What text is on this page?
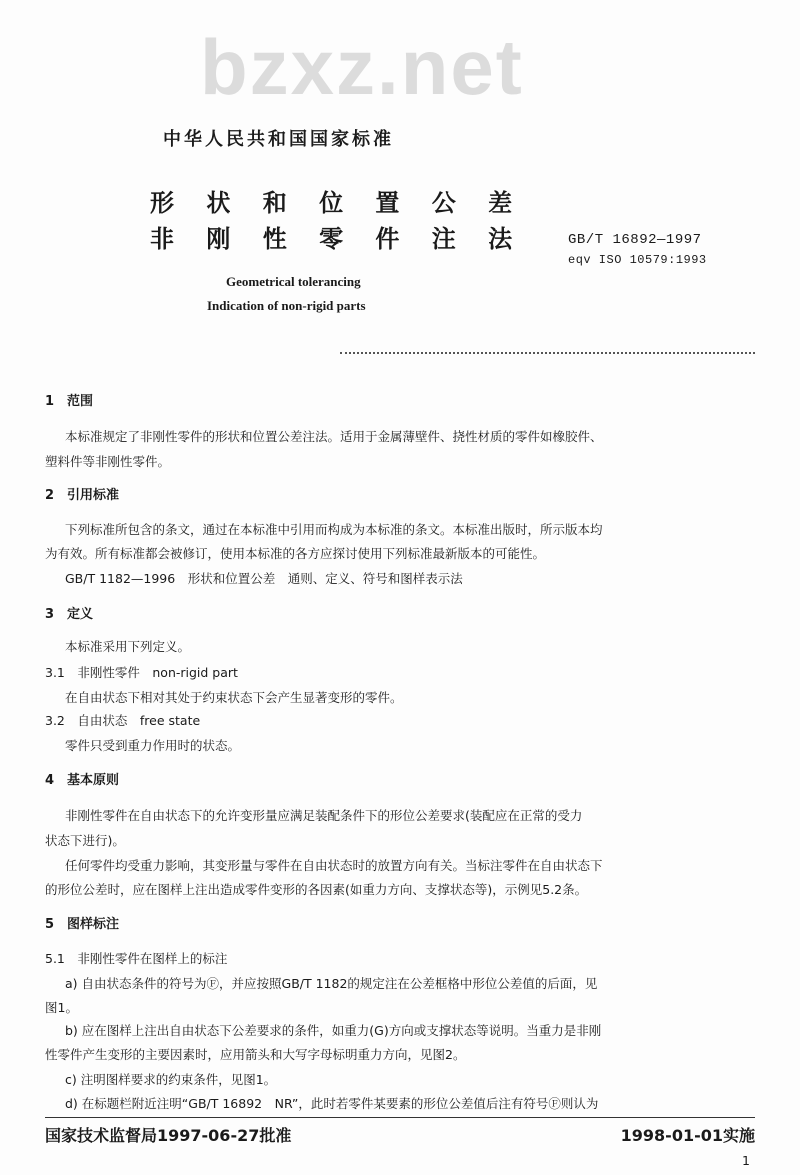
bzxz.net
中华人民共和国国家标准
形 状 和 位 置 公 差
非 刚 性 零 件 注 法	GB/T 16892—1997
eqv ISO 10579:1993
Geometrical tolerancing
Indication of non-rigid parts
1　范围
本标准规定了非刚性零件的形状和位置公差注法。适用于金属薄壁件、挠性材质的零件如橡胶件、
塑料件等非刚性零件。
2　引用标准
下列标准所包含的条文，通过在本标准中引用而构成为本标准的条文。本标准出版时，所示版本均
为有效。所有标准都会被修订，使用本标准的各方应探讨使用下列标准最新版本的可能性。
GB/T 1182—1996　形状和位置公差　通则、定义、符号和图样表示法
3　定义
本标准采用下列定义。
3.1　非刚性零件　non-rigid part
在自由状态下相对其处于约束状态下会产生显著变形的零件。
3.2　自由状态　free state
零件只受到重力作用时的状态。
4　基本原则
非刚性零件在自由状态下的允许变形量应满足装配条件下的形位公差要求(装配应在正常的受力
状态下进行)。
任何零件均受重力影响，其变形量与零件在自由状态时的放置方向有关。当标注零件在自由状态下
的形位公差时，应在图样上注出造成零件变形的各因素(如重力方向、支撑状态等)，示例见5.2条。
5　图样标注
5.1　非刚性零件在图样上的标注
a) 自由状态条件的符号为Ⓕ，并应按照GB/T 1182的规定注在公差框格中形位公差值的后面，见
图1。
b) 应在图样上注出自由状态下公差要求的条件，如重力(G)方向或支撑状态等说明。当重力是非刚
性零件产生变形的主要因素时，应用箭头和大写字母标明重力方向，见图2。
c) 注明图样要求的约束条件，见图1。
d) 在标题栏附近注明“GB/T 16892　NR”，此时若零件某要素的形位公差值后注有符号Ⓕ则认为
国家技术监督局1997-06-27批准	1998-01-01实施
1
